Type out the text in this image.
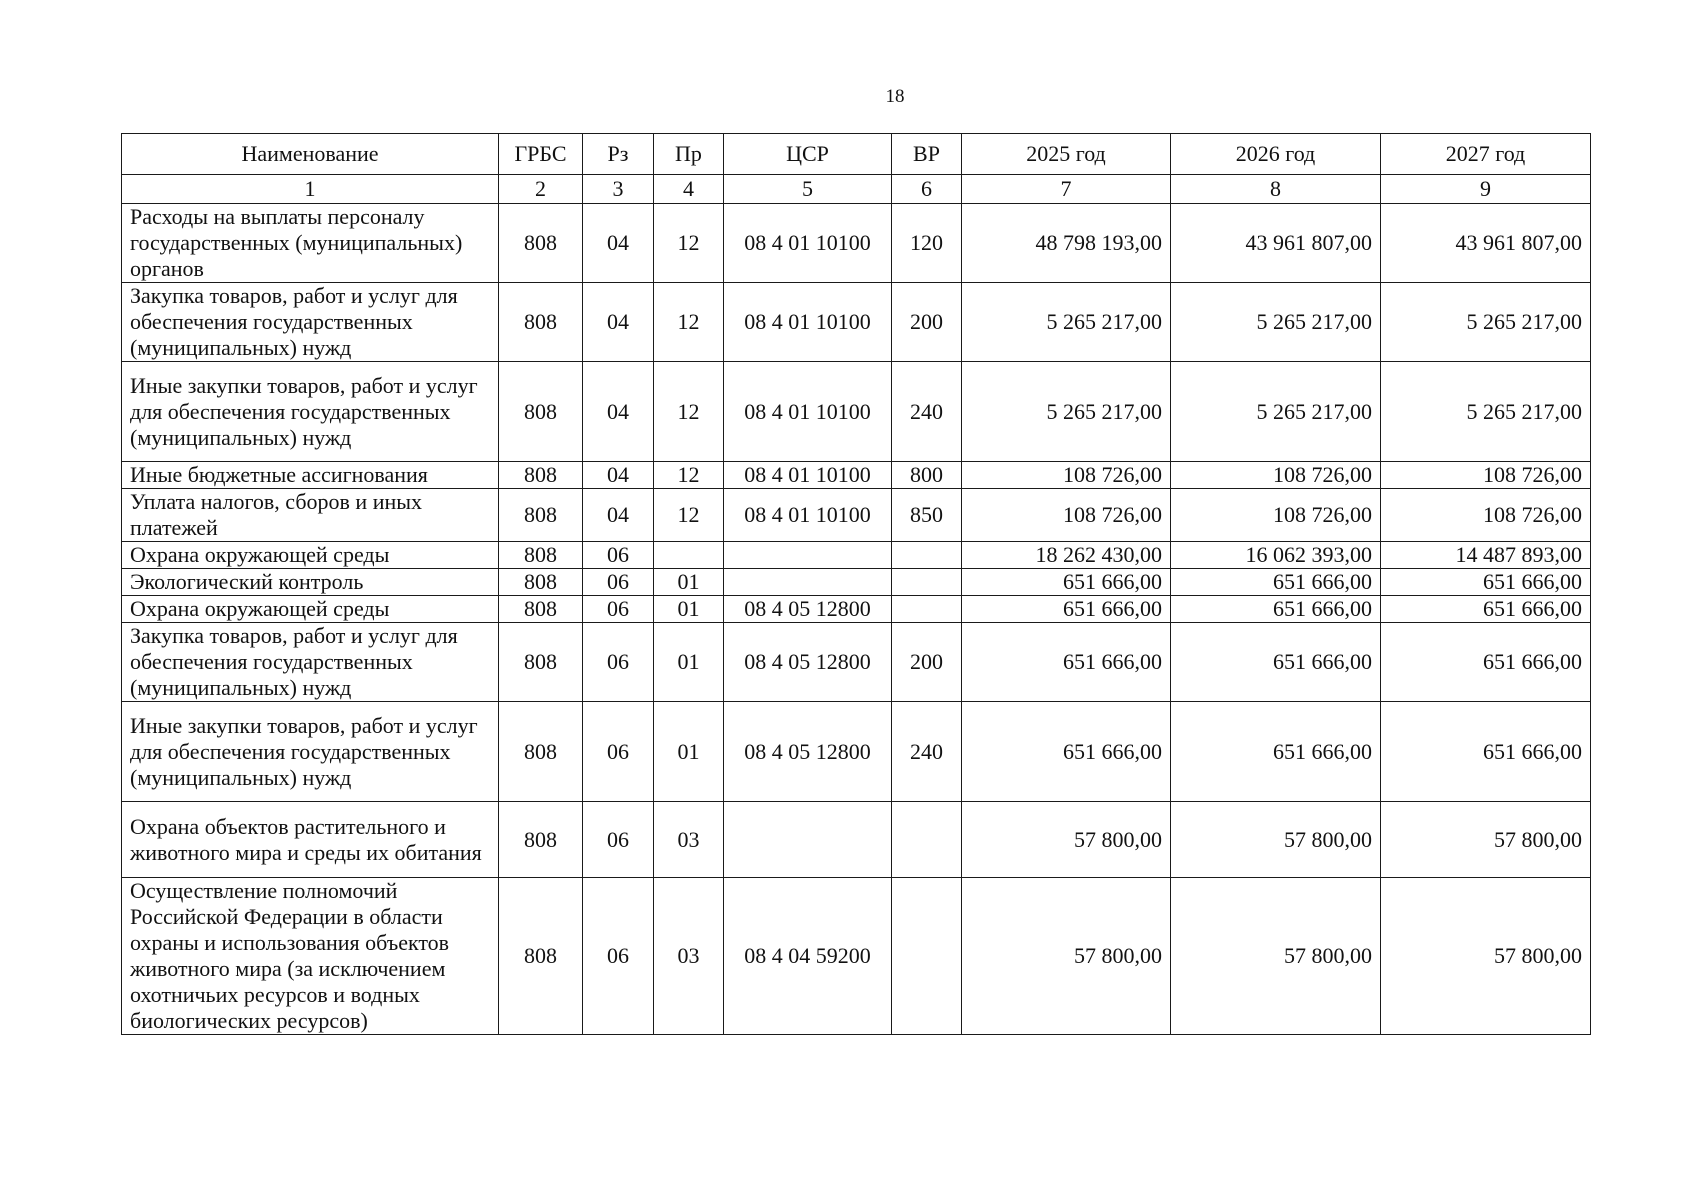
18
Наименование	ГРБС	Рз	Пр	ЦСР	ВР	2025 год	2026 год	2027 год
1	2	3	4	5	6	7	8	9
Расходы на выплаты персоналу государственных (муниципальных) органов	808	04	12	08 4 01 10100	120	48 798 193,00	43 961 807,00	43 961 807,00
Закупка товаров, работ и услуг для обеспечения государственных (муниципальных) нужд	808	04	12	08 4 01 10100	200	5 265 217,00	5 265 217,00	5 265 217,00
Иные закупки товаров, работ и услуг для обеспечения государственных (муниципальных) нужд	808	04	12	08 4 01 10100	240	5 265 217,00	5 265 217,00	5 265 217,00
Иные бюджетные ассигнования	808	04	12	08 4 01 10100	800	108 726,00	108 726,00	108 726,00
Уплата налогов, сборов и иных платежей	808	04	12	08 4 01 10100	850	108 726,00	108 726,00	108 726,00
Охрана окружающей среды	808	06				18 262 430,00	16 062 393,00	14 487 893,00
Экологический контроль	808	06	01			651 666,00	651 666,00	651 666,00
Охрана окружающей среды	808	06	01	08 4 05 12800		651 666,00	651 666,00	651 666,00
Закупка товаров, работ и услуг для обеспечения государственных (муниципальных) нужд	808	06	01	08 4 05 12800	200	651 666,00	651 666,00	651 666,00
Иные закупки товаров, работ и услуг для обеспечения государственных (муниципальных) нужд	808	06	01	08 4 05 12800	240	651 666,00	651 666,00	651 666,00
Охрана объектов растительного и животного мира и среды их обитания	808	06	03			57 800,00	57 800,00	57 800,00
Осуществление полномочий Российской Федерации в области охраны и использования объектов животного мира (за исключением охотничьих ресурсов и водных биологических ресурсов)	808	06	03	08 4 04 59200		57 800,00	57 800,00	57 800,00
